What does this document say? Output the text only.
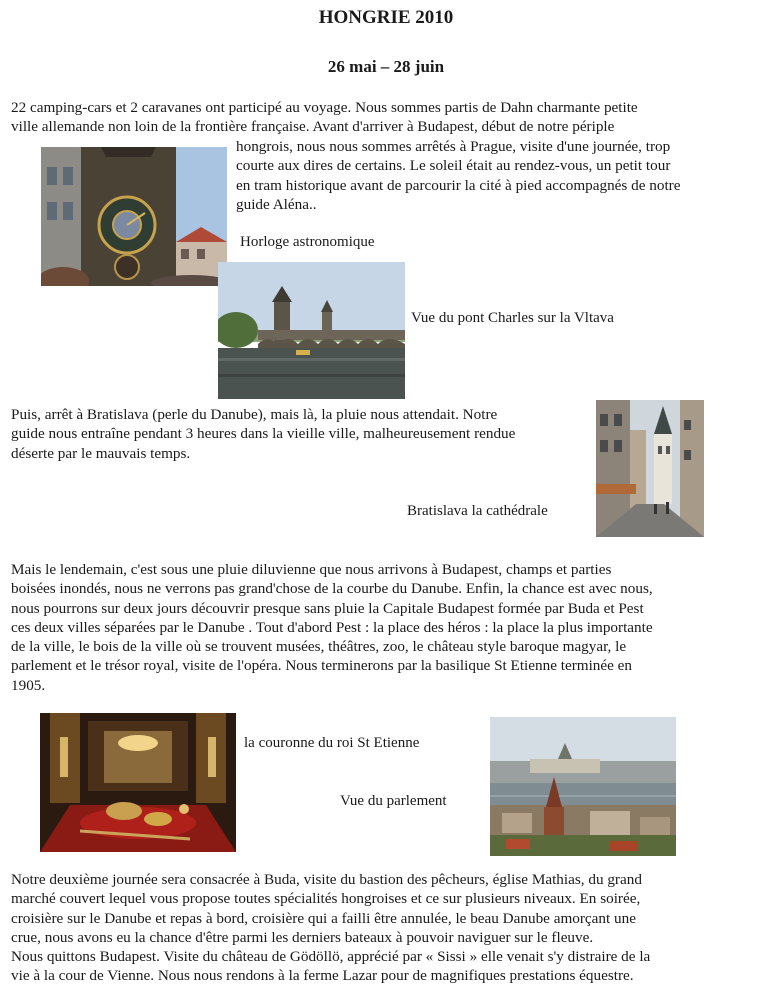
HONGRIE 2010
26 mai – 28 juin
22 camping-cars et 2 caravanes ont participé au voyage. Nous sommes partis de Dahn charmante petite
ville allemande non loin de la frontière française. Avant d'arriver à Budapest, début de notre périple
hongrois, nous nous sommes arrêtés à Prague, visite d'une journée, trop
courte aux dires de certains. Le soleil était au rendez-vous, un petit tour
en tram historique avant de parcourir la cité à pied accompagnés de notre
guide Aléna..
Horloge astronomique
Vue du pont Charles sur la Vltava
Puis, arrêt à Bratislava (perle du Danube), mais là, la pluie nous attendait. Notre
guide nous entraîne pendant 3 heures dans la vieille ville, malheureusement rendue
déserte par le mauvais temps.
Bratislava la cathédrale
Mais le lendemain, c'est sous une pluie diluvienne que nous arrivons à Budapest, champs et parties
boisées inondés, nous ne verrons pas grand'chose de la courbe du Danube. Enfin, la chance est avec nous,
nous pourrons sur deux jours découvrir presque sans pluie la Capitale Budapest formée par Buda et Pest
ces deux villes séparées par le Danube . Tout d'abord Pest : la place des héros : la place la plus importante
de la ville, le bois de la ville où se trouvent musées, théâtres, zoo, le château style baroque magyar, le
parlement et le trésor royal, visite de l'opéra. Nous terminerons par la basilique St Etienne terminée en
1905.
la couronne du roi St Etienne
Vue du parlement
Notre deuxième journée sera consacrée à Buda, visite du bastion des pêcheurs, église Mathias, du grand
marché couvert lequel vous propose toutes spécialités hongroises et ce sur plusieurs niveaux. En soirée,
croisière sur le Danube et repas à bord, croisière qui a failli être annulée, le beau Danube amorçant une
crue, nous avons eu la chance d'être parmi les derniers bateaux à pouvoir naviguer sur le fleuve.
Nous quittons Budapest. Visite du château de Gödöllö, apprécié par « Sissi » elle venait s'y distraire de la
vie à la cour de Vienne. Nous nous rendons à la ferme Lazar pour de magnifiques prestations équestre.
